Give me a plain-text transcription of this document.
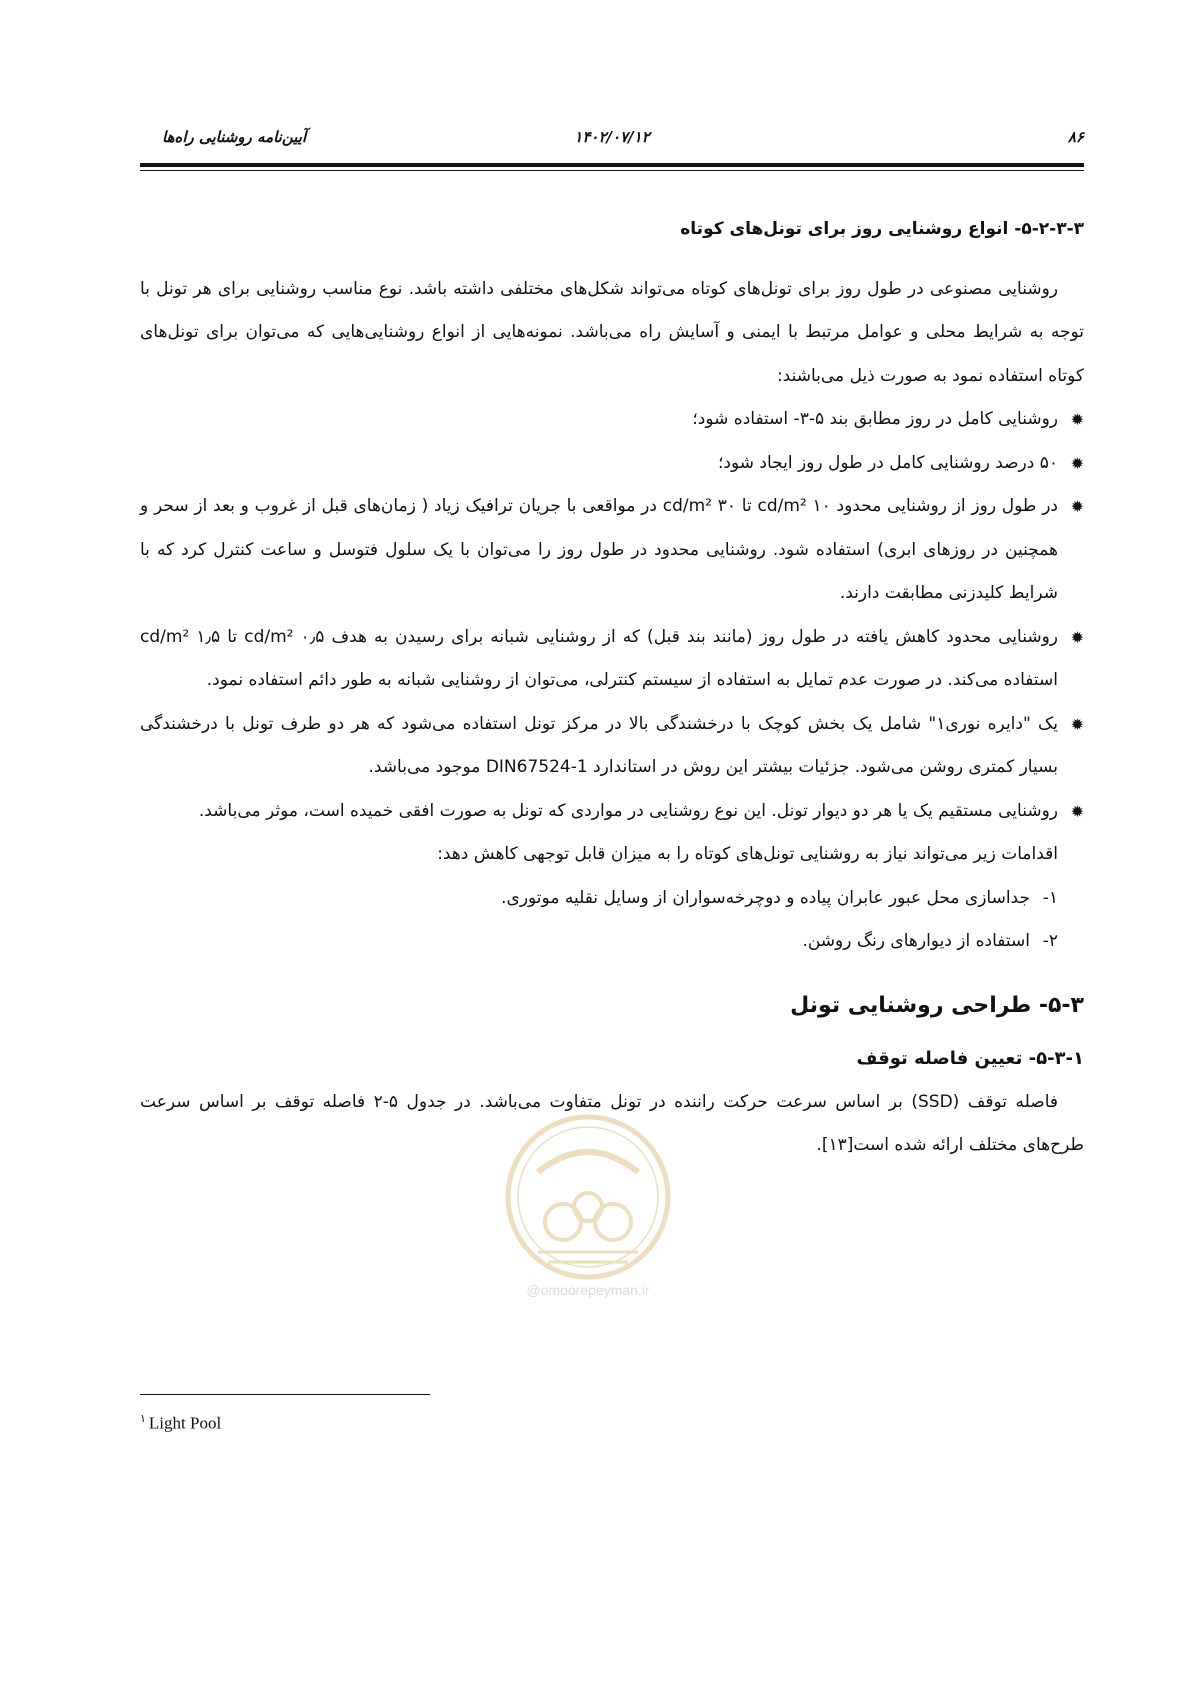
۸۶
۱۴۰۲/۰۷/۱۲
آیین‌نامه روشنایی راه‌ها

۵-۲-۳-۳- انواع روشنایی روز برای تونل‌های کوتاه

روشنایی مصنوعی در طول روز برای تونل‌های کوتاه می‌تواند شکل‌های مختلفی داشته باشد. نوع مناسب روشنایی برای هر تونل با توجه به شرایط محلی و عوامل مرتبط با ایمنی و آسایش راه می‌باشد. نمونه‌هایی از انواع روشنایی‌هایی که می‌توان برای تونل‌های کوتاه استفاده نمود به صورت ذیل می‌باشند:

✹
روشنایی کامل در روز مطابق بند ۵-۳- استفاده شود؛
✹
۵۰ درصد روشنایی کامل در طول روز ایجاد شود؛
✹
در طول روز از روشنایی محدود ۱۰ cd/m² تا ۳۰ cd/m² در مواقعی با جریان ترافیک زیاد ( زمان‌های قبل از غروب و بعد از سحر و همچنین در روزهای ابری) استفاده شود. روشنایی محدود در طول روز را می‌توان با یک سلول فتوسل و ساعت کنترل کرد که با شرایط کلیدزنی مطابقت دارند.
✹
روشنایی محدود کاهش یافته در طول روز (مانند بند قبل) که از روشنایی شبانه برای رسیدن به هدف ۰٫۵ cd/m² تا ۱٫۵ cd/m² استفاده می‌کند. در صورت عدم تمایل به استفاده از سیستم کنترلی، می‌توان از روشنایی شبانه به طور دائم استفاده نمود.
✹
یک "دایره نوری۱" شامل یک بخش کوچک با درخشندگی بالا در مرکز تونل استفاده می‌شود که هر دو طرف تونل با درخشندگی بسیار کمتری روشن می‌شود. جزئیات بیشتر این روش در استاندارد DIN67524-1 موجود می‌باشد.
✹
روشنایی مستقیم یک یا هر دو دیوار تونل. این نوع روشنایی در مواردی که تونل به صورت افقی خمیده است، موثر می‌باشد.

اقدامات زیر می‌تواند نیاز به روشنایی تونل‌های کوتاه را به میزان قابل توجهی کاهش دهد:

۱-
جداسازی محل عبور عابران پیاده و دوچرخه‌سواران از وسایل نقلیه موتوری.
۲-
استفاده از دیوارهای رنگ روشن.

۵-۳- طراحی روشنایی تونل

۵-۳-۱- تعیین فاصله توقف

فاصله توقف (SSD) بر اساس سرعت حرکت راننده در تونل متفاوت می‌باشد. در جدول ۵-۲ فاصله توقف بر اساس سرعت طرح‌های مختلف ارائه شده است[۱۳].

@omoorepeyman.ir
$^۱$ Light Pool
